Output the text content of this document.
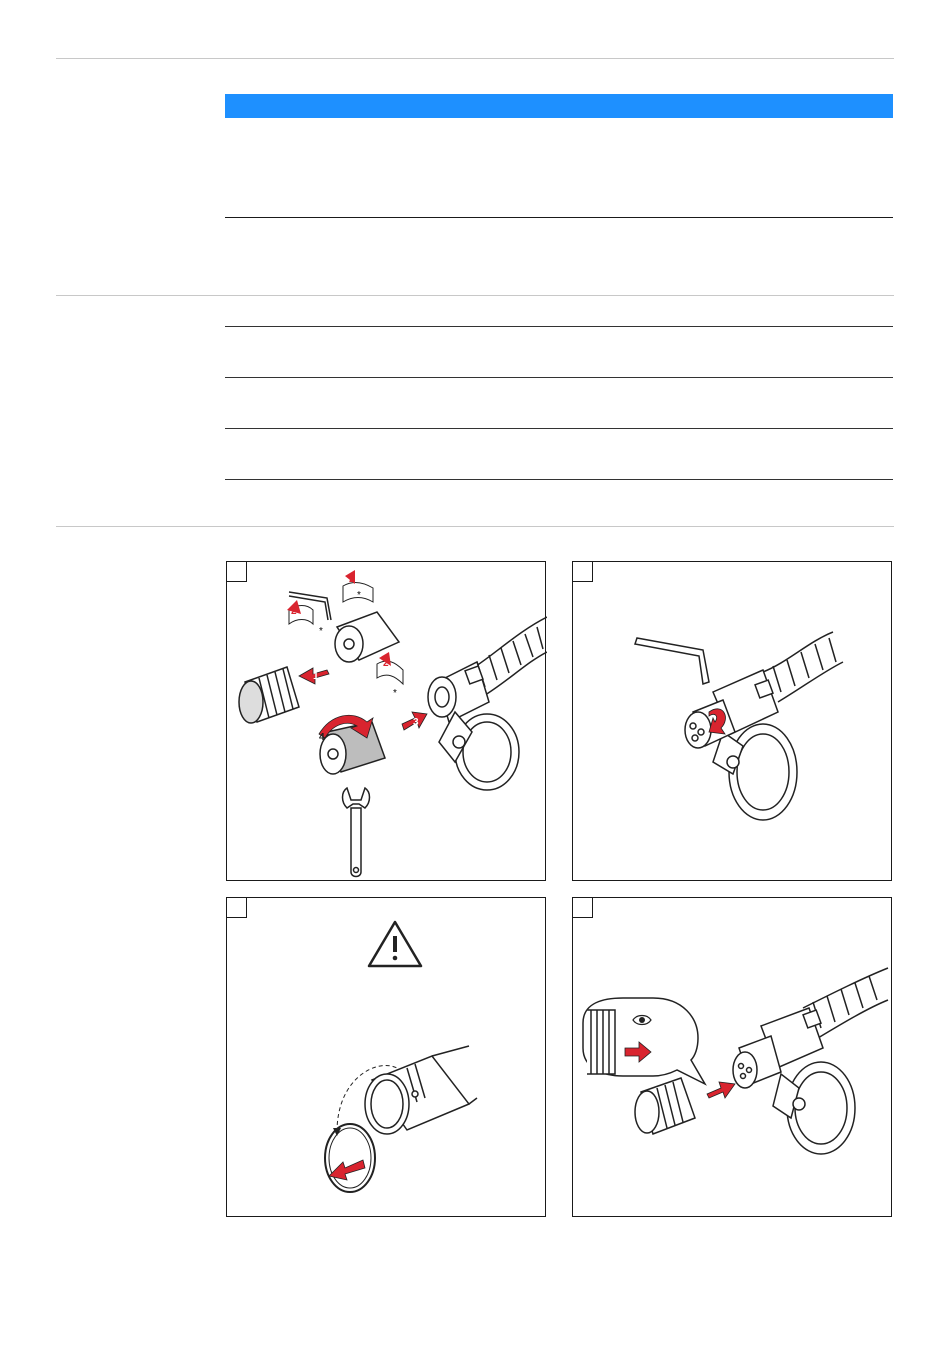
3
1
2
2
2
*
*
*
4
